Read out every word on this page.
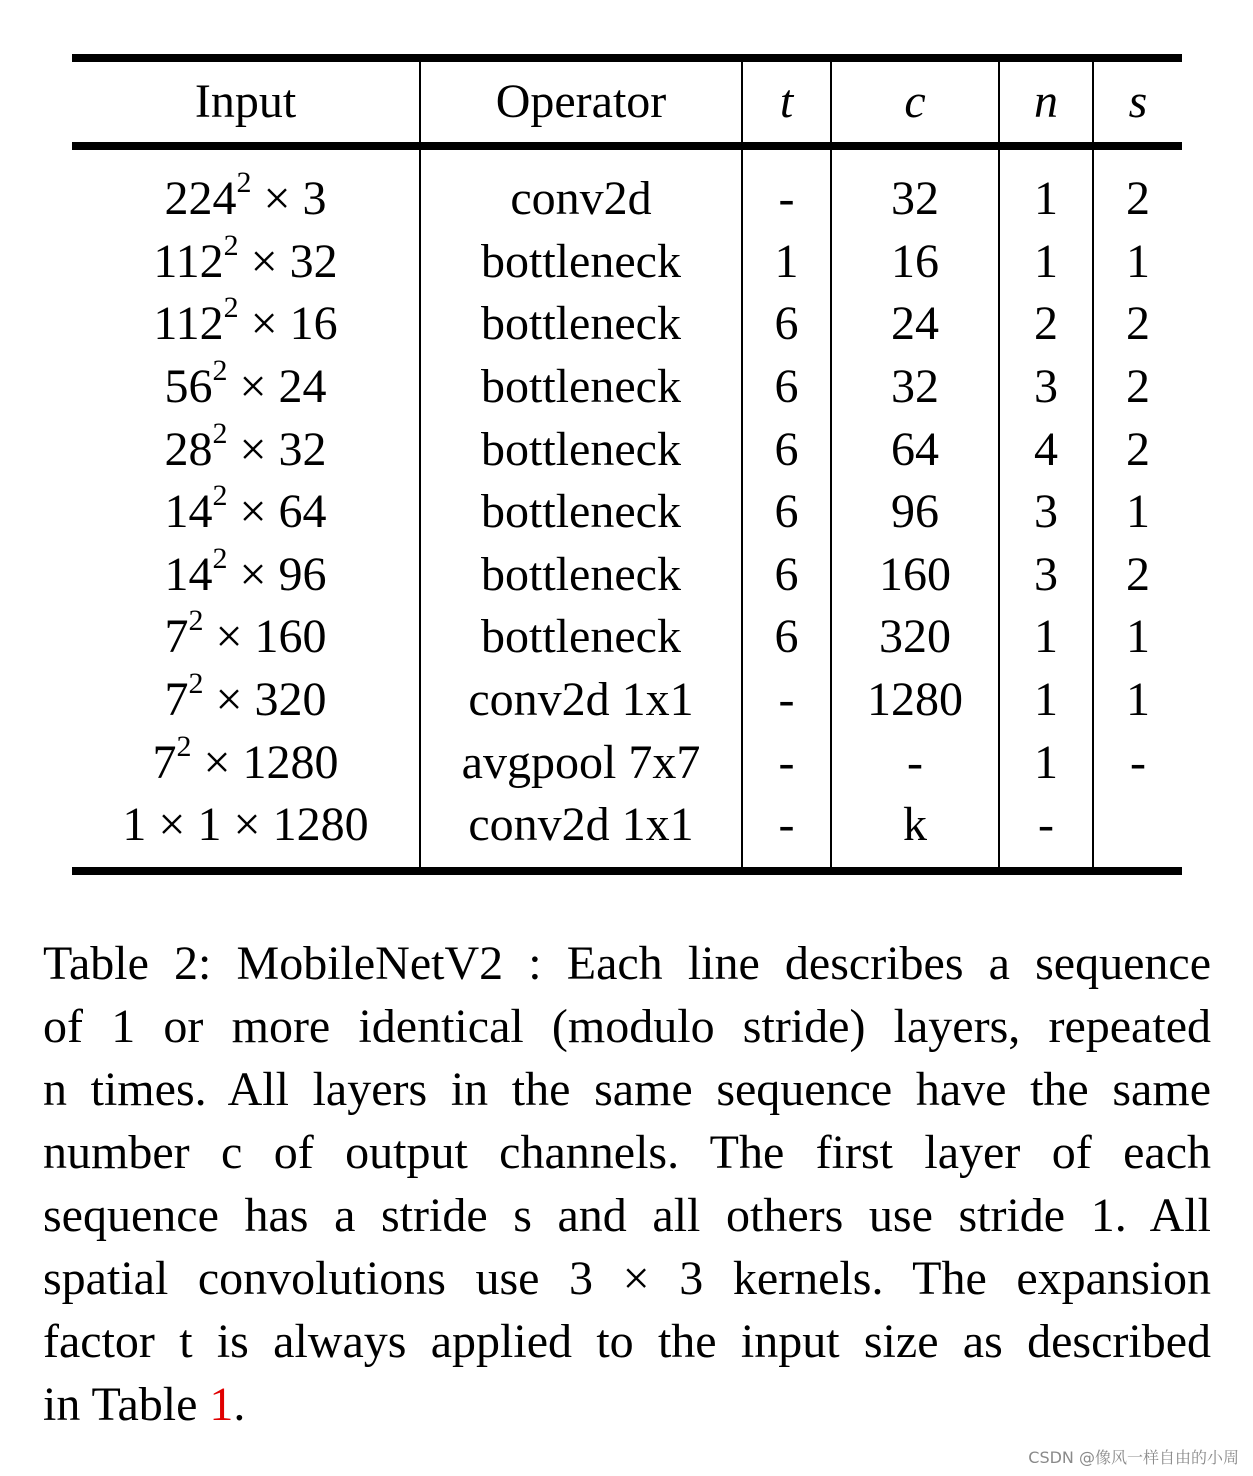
Input	Operator	t	c	n	s
$224^2 \times 3$	conv2d	-	32	1	2
$112^2 \times 32$	bottleneck	1	16	1	1
$112^2 \times 16$	bottleneck	6	24	2	2
$56^2 \times 24$	bottleneck	6	32	3	2
$28^2 \times 32$	bottleneck	6	64	4	2
$14^2 \times 64$	bottleneck	6	96	3	1
$14^2 \times 96$	bottleneck	6	160	3	2
$7^2 \times 160$	bottleneck	6	320	1	1
$7^2 \times 320$	conv2d 1x1	-	1280	1	1
$7^2 \times 1280$	avgpool 7x7	-	-	1	-
1 × 1 × 1280	conv2d 1x1	-	k	-	
Table 2: MobileNetV2 : Each line describes a sequence
of 1 or more identical (modulo stride) layers, repeated
n times. All layers in the same sequence have the same
number c of output channels. The first layer of each
sequence has a stride s and all others use stride 1. All
spatial convolutions use 3 × 3 kernels. The expansion
factor t is always applied to the input size as described
in Table 1.
CSDN @像风一样自由的小周
